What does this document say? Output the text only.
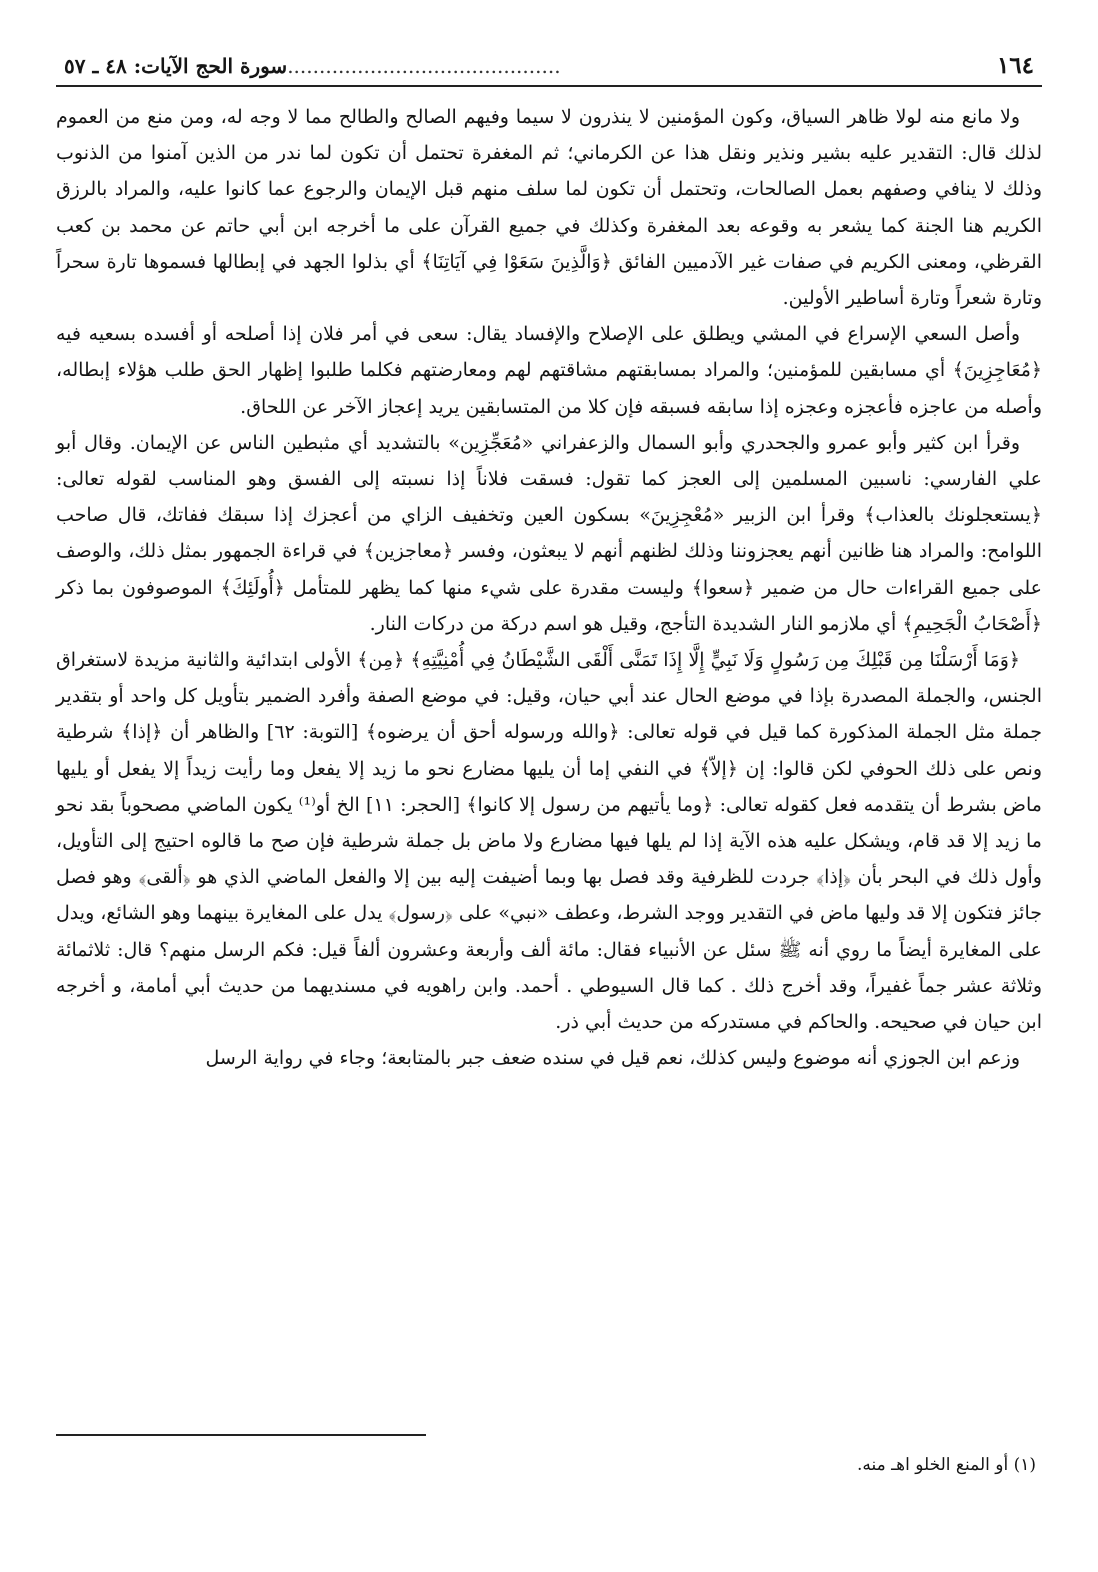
١٦٤
...........................................سورة الحج الآيات: ٤٨ ـ ٥٧

ولا مانع منه لولا ظاهر السياق، وكون المؤمنين لا ينذرون لا سيما وفيهم الصالح والطالح مما لا وجه له، ومن منع من العموم لذلك قال: التقدير عليه بشير ونذير ونقل هذا عن الكرماني؛ ثم المغفرة تحتمل أن تكون لما ندر من الذين آمنوا من الذنوب وذلك لا ينافي وصفهم بعمل الصالحات، وتحتمل أن تكون لما سلف منهم قبل الإيمان والرجوع عما كانوا عليه، والمراد بالرزق الكريم هنا الجنة كما يشعر به وقوعه بعد المغفرة وكذلك في جميع القرآن على ما أخرجه ابن أبي حاتم عن محمد بن كعب القرظي، ومعنى الكريم في صفات غير الآدميين الفائق ﴿وَالَّذِينَ سَعَوْا فِي آيَاتِنَا﴾ أي بذلوا الجهد في إبطالها فسموها تارة سحراً وتارة شعراً وتارة أساطير الأولين.

وأصل السعي الإسراع في المشي ويطلق على الإصلاح والإفساد يقال: سعى في أمر فلان إذا أصلحه أو أفسده بسعيه فيه ﴿مُعَاجِزِينَ﴾ أي مسابقين للمؤمنين؛ والمراد بمسابقتهم مشاقتهم لهم ومعارضتهم فكلما طلبوا إظهار الحق طلب هؤلاء إبطاله، وأصله من عاجزه فأعجزه وعجزه إذا سابقه فسبقه فإن كلا من المتسابقين يريد إعجاز الآخر عن اللحاق.

وقرأ ابن كثير وأبو عمرو والجحدري وأبو السمال والزعفراني «مُعَجِّزِين» بالتشديد أي مثبطين الناس عن الإيمان. وقال أبو علي الفارسي: ناسبين المسلمين إلى العجز كما تقول: فسقت فلاناً إذا نسبته إلى الفسق وهو المناسب لقوله تعالى: ﴿يستعجلونك بالعذاب﴾ وقرأ ابن الزبير «مُعْجِزِينَ» بسكون العين وتخفيف الزاي من أعجزك إذا سبقك ففاتك، قال صاحب اللوامح: والمراد هنا ظانين أنهم يعجزوننا وذلك لظنهم أنهم لا يبعثون، وفسر ﴿معاجزين﴾ في قراءة الجمهور بمثل ذلك، والوصف على جميع القراءات حال من ضمير ﴿سعوا﴾ وليست مقدرة على شيء منها كما يظهر للمتأمل ﴿أُولَئِكَ﴾ الموصوفون بما ذكر ﴿أَصْحَابُ الْجَحِيمِ﴾ أي ملازمو النار الشديدة التأجج، وقيل هو اسم دركة من دركات النار.

﴿وَمَا أَرْسَلْنَا مِن قَبْلِكَ مِن رَسُولٍ وَلَا نَبِيٍّ إِلَّا إِذَا تَمَنَّى أَلْقَى الشَّيْطَانُ فِي أُمْنِيَّتِهِ﴾ ﴿مِن﴾ الأولى ابتدائية والثانية مزيدة لاستغراق الجنس، والجملة المصدرة بإذا في موضع الحال عند أبي حيان، وقيل: في موضع الصفة وأفرد الضمير بتأويل كل واحد أو بتقدير جملة مثل الجملة المذكورة كما قيل في قوله تعالى: ﴿والله ورسوله أحق أن يرضوه﴾ [التوبة: ٦٢] والظاهر أن ﴿إذا﴾ شرطية ونص على ذلك الحوفي لكن قالوا: إن ﴿إلاّ﴾ في النفي إما أن يليها مضارع نحو ما زيد إلا يفعل وما رأيت زيداً إلا يفعل أو يليها ماض بشرط أن يتقدمه فعل كقوله تعالى: ﴿وما يأتيهم من رسول إلا كانوا﴾ [الحجر: ١١] الخ أو⁽¹⁾ يكون الماضي مصحوباً بقد نحو ما زيد إلا قد قام، ويشكل عليه هذه الآية إذا لم يلها فيها مضارع ولا ماض بل جملة شرطية فإن صح ما قالوه احتيج إلى التأويل، وأول ذلك في البحر بأن ﴿إذا﴾ جردت للظرفية وقد فصل بها وبما أضيفت إليه بين إلا والفعل الماضي الذي هو ﴿ألقى﴾ وهو فصل جائز فتكون إلا قد وليها ماض في التقدير ووجد الشرط، وعطف «نبي» على ﴿رسول﴾ يدل على المغايرة بينهما وهو الشائع، ويدل على المغايرة أيضاً ما روي أنه ﷺ سئل عن الأنبياء فقال: مائة ألف وأربعة وعشرون ألفاً قيل: فكم الرسل منهم؟ قال: ثلاثمائة وثلاثة عشر جماً غفيراً، وقد أخرج ذلك . كما قال السيوطي . أحمد. وابن راهويه في مسنديهما من حديث أبي أمامة، و أخرجه ابن حيان في صحيحه. والحاكم في مستدركه من حديث أبي ذر.

وزعم ابن الجوزي أنه موضوع وليس كذلك، نعم قيل في سنده ضعف جبر بالمتابعة؛ وجاء في رواية الرسل

(١) أو المنع الخلو اهـ منه.
